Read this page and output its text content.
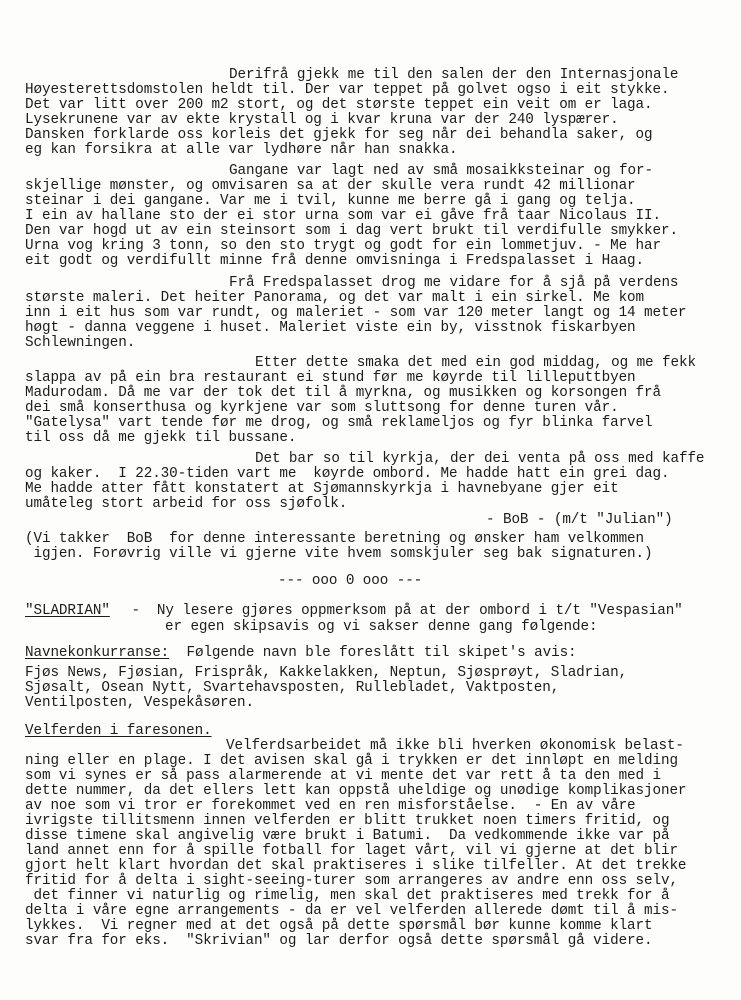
Derifrå gjekk me til den salen der den Internasjonale
Høyesterettsdomstolen heldt til. Der var teppet på golvet ogso i eit stykke.
Det var litt over 200 m2 stort, og det største teppet ein veit om er laga.
Lysekrunene var av ekte krystall og i kvar kruna var der 240 lyspærer.
Dansken forklarde oss korleis det gjekk for seg når dei behandla saker, og
eg kan forsikra at alle var lydhøre når han snakka.
Gangane var lagt ned av små mosaikksteinar og for-
skjellige mønster, og omvisaren sa at der skulle vera rundt 42 millionar
steinar i dei gangane. Var me i tvil, kunne me berre gå i gang og telja.
I ein av hallane sto der ei stor urna som var ei gåve frå taar Nicolaus II.
Den var hogd ut av ein steinsort som i dag vert brukt til verdifulle smykker.
Urna vog kring 3 tonn, so den sto trygt og godt for ein lommetjuv. - Me har
eit godt og verdifullt minne frå denne omvisninga i Fredspalasset i Haag.
Frå Fredspalasset drog me vidare for å sjå på verdens
største maleri. Det heiter Panorama, og det var malt i ein sirkel. Me kom
inn i eit hus som var rundt, og maleriet - som var 120 meter langt og 14 meter
høgt - danna veggene i huset. Maleriet viste ein by, visstnok fiskarbyen
Schlewningen.
Etter dette smaka det med ein god middag, og me fekk
slappa av på ein bra restaurant ei stund før me køyrde til lilleputtbyen
Madurodam. Då me var der tok det til å myrkna, og musikken og korsongen frå
dei små konserthusa og kyrkjene var som sluttsong for denne turen vår.
"Gatelysa" vart tende før me drog, og små reklameljos og fyr blinka farvel
til oss då me gjekk til bussane.
Det bar so til kyrkja, der dei venta på oss med kaffe
og kaker.  I 22.30-tiden vart me  køyrde ombord. Me hadde hatt ein grei dag.
Me hadde atter fått konstatert at Sjømannskyrkja i havnebyane gjer eit
umåteleg stort arbeid for oss sjøfolk.
- BoB - (m/t "Julian")
(Vi takker  BoB  for denne interessante beretning og ønsker ham velkommen
igjen. Forøvrig ville vi gjerne vite hvem somskjuler seg bak signaturen.)
--- ooo 0 ooo ---
"SLADRIAN" -  Ny lesere gjøres oppmerksom på at der ombord i t/t "Vespasian"
er egen skipsavis og vi sakser denne gang følgende:
Navnekonkurranse: Følgende navn ble foreslått til skipet's avis:
Fjøs News, Fjøsian, Frispråk, Kakkelakken, Neptun, Sjøsprøyt, Sladrian,
Sjøsalt, Osean Nytt, Svartehavsposten, Rullebladet, Vaktposten,
Ventilposten, Vespekåsøren.
Velferden i faresonen.
Velferdsarbeidet må ikke bli hverken økonomisk belast-
ning eller en plage. I det avisen skal gå i trykken er det innløpt en melding
som vi synes er så pass alarmerende at vi mente det var rett å ta den med i
dette nummer, da det ellers lett kan oppstå uheldige og unødige komplikasjoner
av noe som vi tror er forekommet ved en ren misforståelse.  - En av våre
ivrigste tillitsmenn innen velferden er blitt trukket noen timers fritid, og
disse timene skal angivelig være brukt i Batumi.  Da vedkommende ikke var på
land annet enn for å spille fotball for laget vårt, vil vi gjerne at det blir
gjort helt klart hvordan det skal praktiseres i slike tilfeller. At det trekke
fritid for å delta i sight-seeing-turer som arrangeres av andre enn oss selv,
det finner vi naturlig og rimelig, men skal det praktiseres med trekk for å
delta i våre egne arrangements - da er vel velferden allerede dømt til å mis-
lykkes.  Vi regner med at det også på dette spørsmål bør kunne komme klart
svar fra for eks.  "Skrivian" og lar derfor også dette spørsmål gå videre.
